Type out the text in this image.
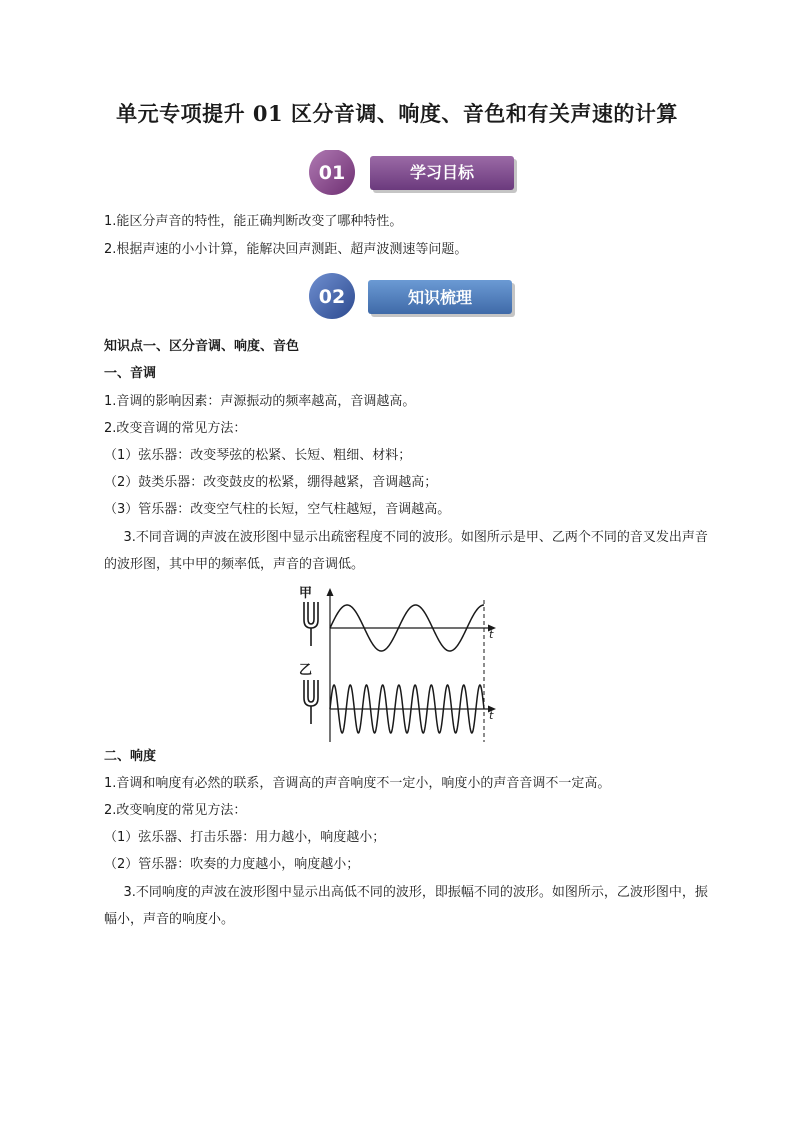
单元专项提升 01 区分音调、响度、音色和有关声速的计算
01	学习目标

1.能区分声音的特性，能正确判断改变了哪种特性。

2.根据声速的小小计算，能解决回声测距、超声波测速等问题。

02	知识梳理

知识点一、区分音调、响度、音色

一、音调

1.音调的影响因素：声源振动的频率越高，音调越高。

2.改变音调的常见方法：

（1）弦乐器：改变琴弦的松紧、长短、粗细、材料；

（2）鼓类乐器：改变鼓皮的松紧，绷得越紧，音调越高；

（3）管乐器：改变空气柱的长短，空气柱越短，音调越高。

3.不同音调的声波在波形图中显示出疏密程度不同的波形。如图所示是甲、乙两个不同的音叉发出声音的波形图，其中甲的频率低，声音的音调低。

甲
乙
t
t

二、响度

1.音调和响度有必然的联系，音调高的声音响度不一定小，响度小的声音音调不一定高。

2.改变响度的常见方法：

（1）弦乐器、打击乐器：用力越小，响度越小；

（2）管乐器：吹奏的力度越小，响度越小；

3.不同响度的声波在波形图中显示出高低不同的波形，即振幅不同的波形。如图所示，乙波形图中，振幅小，声音的响度小。
